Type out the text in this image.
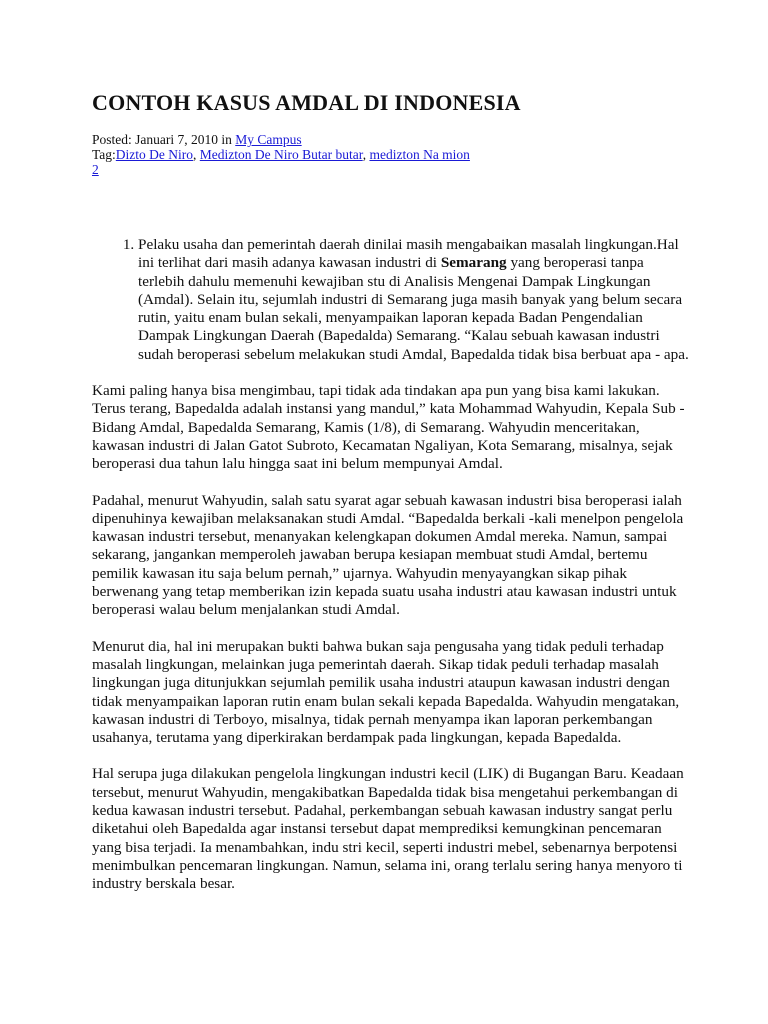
CONTOH KASUS AMDAL DI INDONESIA
Posted: Januari 7, 2010 in My Campus
Tag:Dizto De Niro, Medizton De Niro Butar butar, medizton Na mion
2
1. Pelaku usaha dan pemerintah daerah dinilai masih mengabaikan masalah lingkungan.Hal ini terlihat dari masih adanya kawasan industri di Semarang yang beroperasi tanpa terlebih dahulu memenuhi kewajiban stu di Analisis Mengenai Dampak Lingkungan (Amdal). Selain itu, sejumlah industri di Semarang juga masih banyak yang belum secara rutin, yaitu enam bulan sekali, menyampaikan laporan kepada Badan Pengendalian Dampak Lingkungan Daerah (Bapedalda) Semarang. “Kalau sebuah kawasan industri sudah beroperasi sebelum melakukan studi Amdal, Bapedalda tidak bisa berbuat apa - apa.

Kami paling hanya bisa mengimbau, tapi tidak ada tindakan apa pun yang bisa kami lakukan. Terus terang, Bapedalda adalah instansi yang mandul,” kata Mohammad Wahyudin, Kepala Sub -Bidang Amdal, Bapedalda Semarang, Kamis (1/8), di Semarang. Wahyudin menceritakan, kawasan industri di Jalan Gatot Subroto, Kecamatan Ngaliyan, Kota Semarang, misalnya, sejak beroperasi dua tahun lalu hingga saat ini belum mempunyai Amdal.

Padahal, menurut Wahyudin, salah satu syarat agar sebuah kawasan industri bisa beroperasi ialah dipenuhinya kewajiban melaksanakan studi Amdal. “Bapedalda berkali -kali menelpon pengelola kawasan industri tersebut, menanyakan kelengkapan dokumen Amdal mereka. Namun, sampai sekarang, jangankan memperoleh jawaban berupa kesiapan membuat studi Amdal, bertemu pemilik kawasan itu saja belum pernah,” ujarnya. Wahyudin menyayangkan sikap pihak berwenang yang tetap memberikan izin kepada suatu usaha industri atau kawasan industri untuk beroperasi walau belum menjalankan studi Amdal.

Menurut dia, hal ini merupakan bukti bahwa bukan saja pengusaha yang tidak peduli terhadap masalah lingkungan, melainkan juga pemerintah daerah. Sikap tidak peduli terhadap masalah lingkungan juga ditunjukkan sejumlah pemilik usaha industri ataupun kawasan industri dengan tidak menyampaikan laporan rutin enam bulan sekali kepada Bapedalda. Wahyudin mengatakan, kawasan industri di Terboyo, misalnya, tidak pernah menyampa ikan laporan perkembangan usahanya, terutama yang diperkirakan berdampak pada lingkungan, kepada Bapedalda.

Hal serupa juga dilakukan pengelola lingkungan industri kecil (LIK) di Bugangan Baru. Keadaan tersebut, menurut Wahyudin, mengakibatkan Bapedalda tidak bisa mengetahui perkembangan di kedua kawasan industri tersebut. Padahal, perkembangan sebuah kawasan industry sangat perlu diketahui oleh Bapedalda agar instansi tersebut dapat memprediksi kemungkinan pencemaran yang bisa terjadi. Ia menambahkan, indu stri kecil, seperti industri mebel, sebenarnya berpotensi menimbulkan pencemaran lingkungan. Namun, selama ini, orang terlalu sering hanya menyoro ti industry berskala besar.
